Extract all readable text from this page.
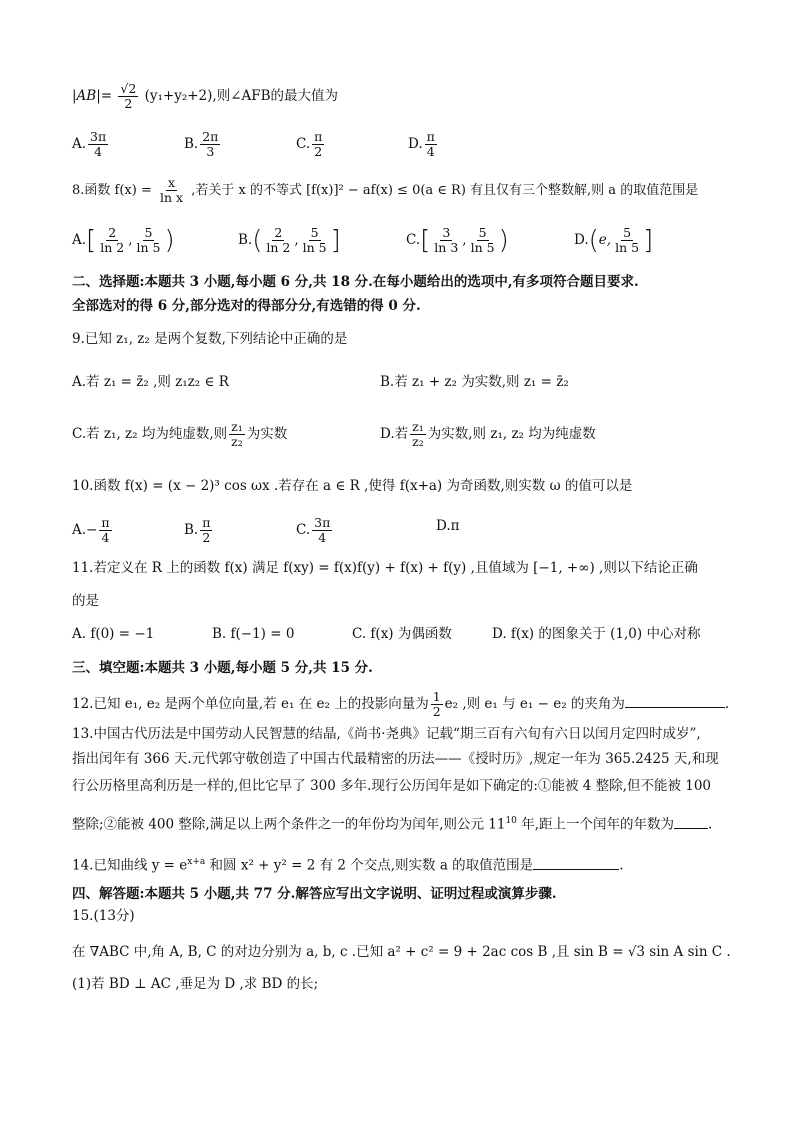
$|AB|= \frac{√2}{2} (y_1+y_2+2)$,则∠AFB的最大值为
A. $\frac{3\pi}{4}$	B. $\frac{2\pi}{3}$	C. $\frac{\pi}{2}$	D. $\frac{\pi}{4}$
8.函数 $f(x) = \frac{x}{\text{ln x}}$ ,若关于 x 的不等式 [f(x)]² − af(x) ≤ 0(a ∈ R) 有且仅有三个整数解,则 a 的取值范围是
$A.[ \frac{2}{\ln 2}$ , $\frac{5}{\ln 5}$ )	$B.( \frac{2}{\ln 2}$ , $\frac{5}{\ln 5}$ ]	$C.[ \frac{3}{\ln 3}$ , $\frac{5}{\ln 5}$ )	D.(e, $\frac{5}{\ln 5}$ ]
二、选择题:本题共 3 小题,每小题 6 分,共 18 分.在每小题给出的选项中,有多项符合题目要求.
全部选对的得 6 分,部分选对的得部分分,有选错的得 0 分.
9.已知 z₁, z₂ 是两个复数,下列结论中正确的是
A.若 z₁ = z̄₂ ,则 z₁z₂ ∈ R	B.若 z₁ + z₂ 为实数,则 z₁ = z̄₂
C.若 z₁, z₂ 均为纯虚数,则 $\frac{\text{z₁}}{\text{z₂}}$ 为实数	D.若 $\frac{\text{z₁}}{\text{z₂}}$ 为实数,则 z₁, z₂ 均为纯虚数
10.函数 f(x) = (x − 2)³ cos ωx .若存在 a ∈ R ,使得 f(x+a) 为奇函数,则实数 ω 的值可以是
$A.- \frac{\pi}{4}$	B. $\frac{\pi}{2}$	C. $\frac{3\pi}{4}$	D.π
11.若定义在 R 上的函数 f(x) 满足 f(xy) = f(x)f(y) + f(x) + f(y) ,且值域为 [−1, +∞) ,则以下结论正确
的是
A. f(0) = −1	B. f(−1) = 0	C. f(x) 为偶函数	D. f(x) 的图象关于 (1,0) 中心对称
三、填空题:本题共 3 小题,每小题 5 分,共 15 分.
12.已知 e₁, e₂ 是两个单位向量,若 e₁ 在 e₂ 上的投影向量为 $\frac{1}{2} e_2$ ,则 e₁ 与 e₁ − e₂ 的夹角为	.
13.中国古代历法是中国劳动人民智慧的结晶,《尚书·尧典》记载“期三百有六旬有六日以闰月定四时成岁”,
指出闰年有 366 天.元代郭守敬创造了中国古代最精密的历法——《授时历》,规定一年为 365.2425 天,和现
行公历格里高利历是一样的,但比它早了 300 多年.现行公历闰年是如下确定的:①能被 4 整除,但不能被 100
整除;②能被 400 整除,满足以上两个条件之一的年份均为闰年,则公元 $11^{10}$ 年,距上一个闰年的年数为	.
14.已知曲线 $y = e^{x+a}$ 和圆 x² + y² = 2 有 2 个交点,则实数 a 的取值范围是	.
四、解答题:本题共 5 小题,共 77 分.解答应写出文字说明、证明过程或演算步骤.
15.(13分)
在 ∇ABC 中,角 A, B, C 的对边分别为 a, b, c .已知 a² + c² = 9 + 2ac cos B ,且 sin B = √3 sin A sin C .
(1)若 BD ⊥ AC ,垂足为 D ,求 BD 的长;
